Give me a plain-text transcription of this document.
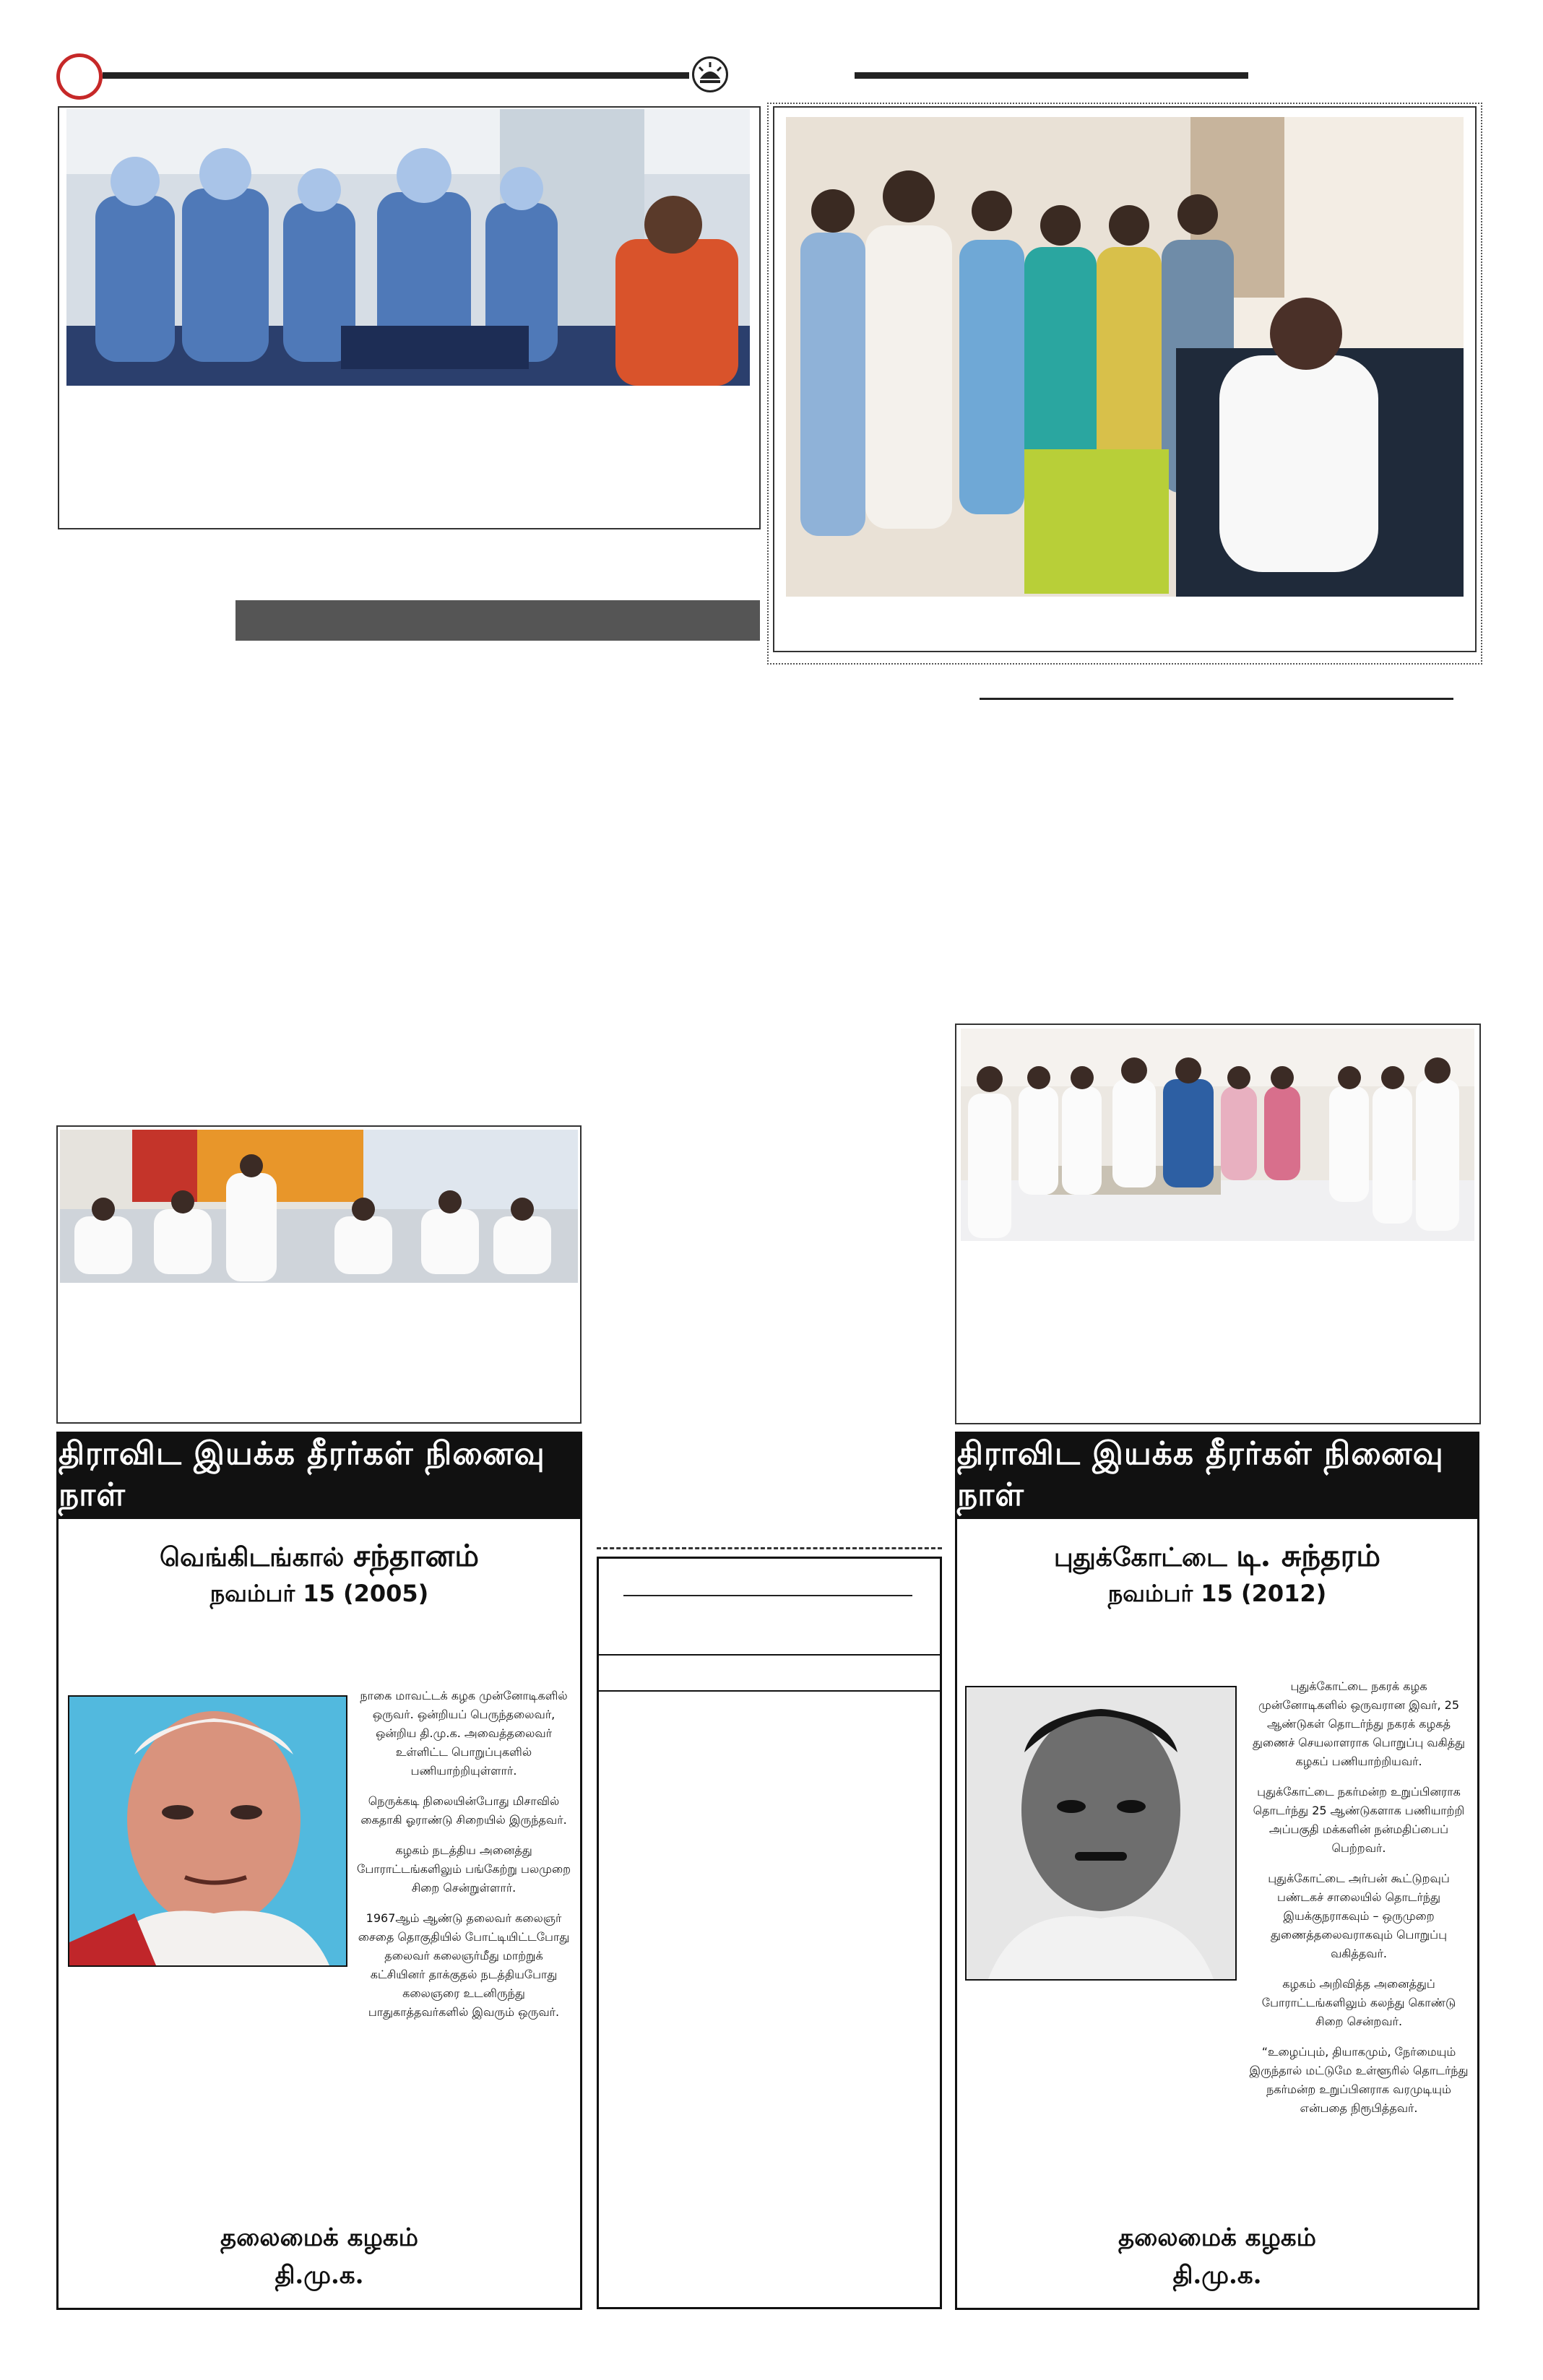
திராவிட இயக்க தீரர்கள் நினைவு நாள்
வெங்கிடங்கால் சந்தானம்
நவம்பர் 15 (2005)

நாகை மாவட்டக் கழக முன்னோடிகளில் ஒருவர். ஒன்றியப் பெருந்தலைவர், ஒன்றிய தி.மு.க. அவைத்தலைவர் உள்ளிட்ட பொறுப்புகளில் பணியாற்றியுள்ளார்.

நெருக்கடி நிலையின்போது மிசாவில் கைதாகி ஓராண்டு சிறையில் இருந்தவர்.

கழகம் நடத்திய அனைத்து போராட்டங்களிலும் பங்கேற்று பலமுறை சிறை சென்றுள்ளார்.

1967ஆம் ஆண்டு தலைவர் கலைஞர் சைதை தொகுதியில் போட்டியிட்டபோது தலைவர் கலைஞர்மீது மாற்றுக் கட்சியினர் தாக்குதல் நடத்தியபோது கலைஞரை உடனிருந்து பாதுகாத்தவர்களில் இவரும் ஒருவர்.

தலைமைக் கழகம்
தி.மு.க.
திராவிட இயக்க தீரர்கள் நினைவு நாள்
புதுக்கோட்டை டி. சுந்தரம்
நவம்பர் 15 (2012)

புதுக்கோட்டை நகரக் கழக முன்னோடிகளில் ஒருவரான இவர், 25 ஆண்டுகள் தொடர்ந்து நகரக் கழகத் துணைச் செயலாளராக பொறுப்பு வகித்து கழகப் பணியாற்றியவர்.

புதுக்கோட்டை நகர்மன்ற உறுப்பினராக தொடர்ந்து 25 ஆண்டுகளாக பணியாற்றி அப்பகுதி மக்களின் நன்மதிப்பைப் பெற்றவர்.

புதுக்கோட்டை அர்பன் கூட்டுறவுப் பண்டகச் சாலையில் தொடர்ந்து இயக்குநராகவும் – ஒருமுறை துணைத்தலைவராகவும் பொறுப்பு வகித்தவர்.

கழகம் அறிவித்த அனைத்துப் போராட்டங்களிலும் கலந்து கொண்டு சிறை சென்றவர்.

“உழைப்பும், தியாகமும், நேர்மையும் இருந்தால் மட்டுமே உள்ளூரில் தொடர்ந்து நகர்மன்ற உறுப்பினராக வரமுடியும் என்பதை நிரூபித்தவர்.

தலைமைக் கழகம்
தி.மு.க.
